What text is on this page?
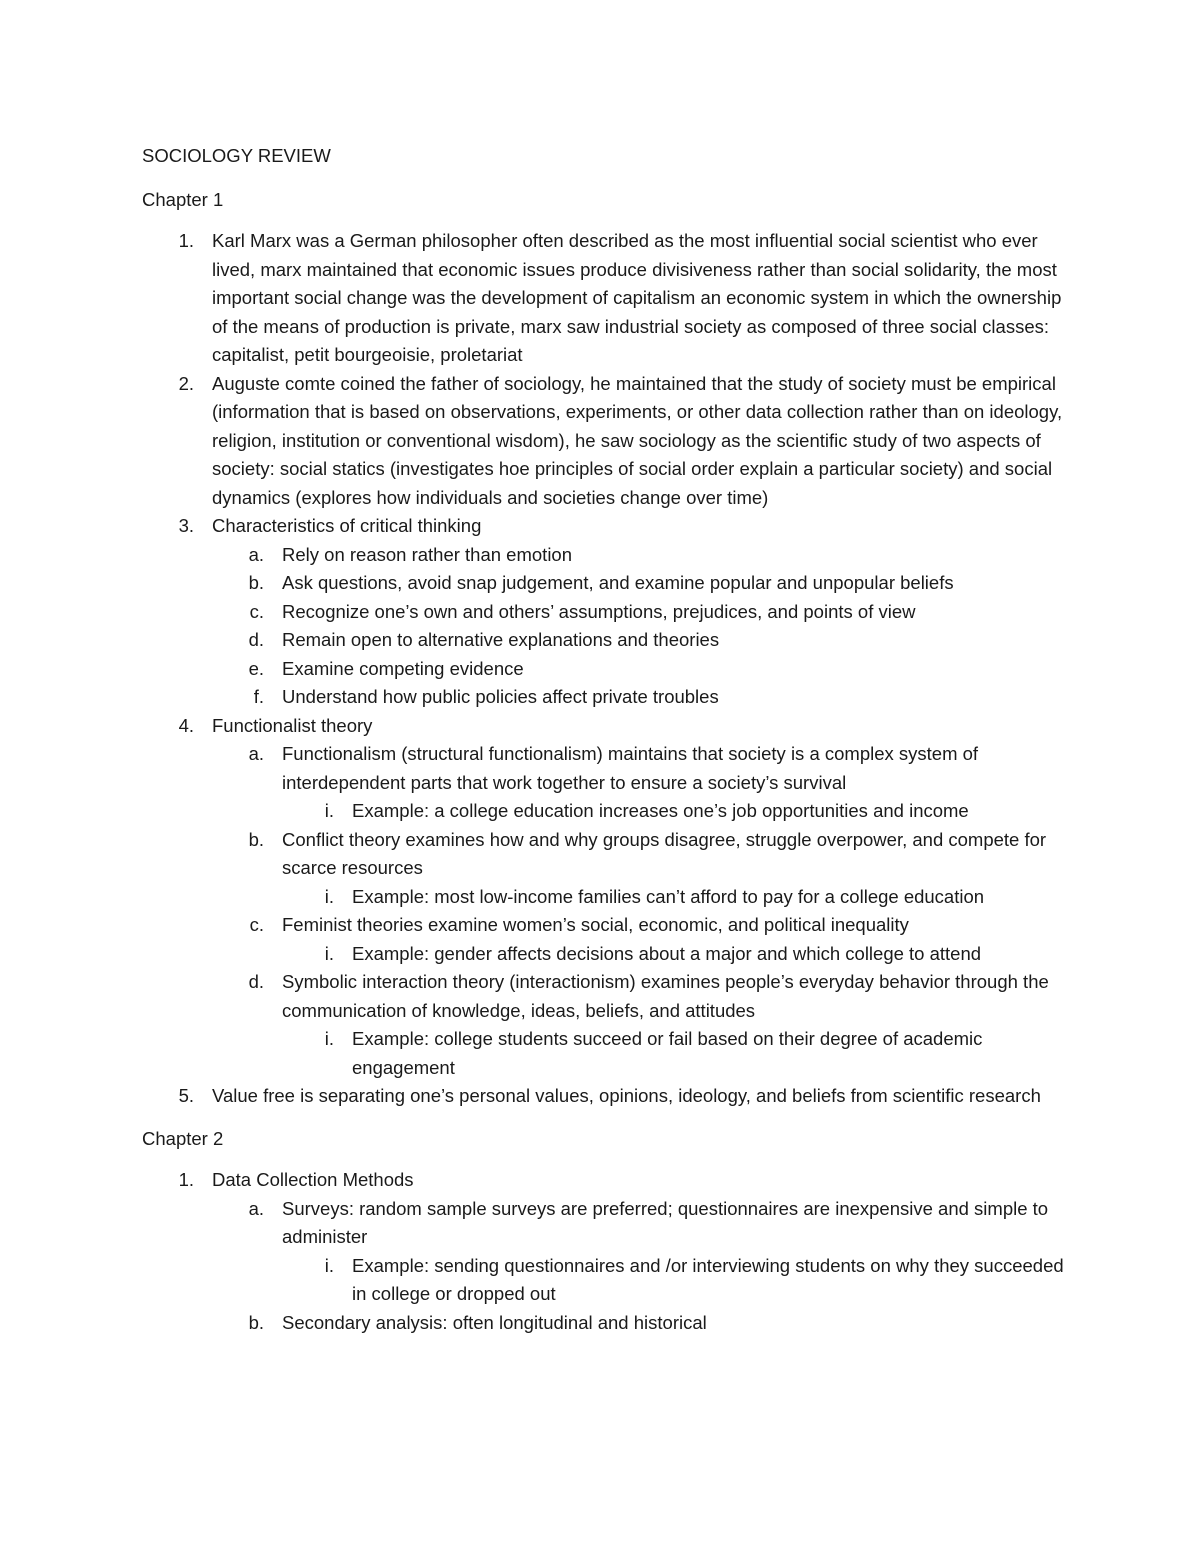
SOCIOLOGY REVIEW
Chapter 1
1. Karl Marx was a German philosopher often described as the most influential social scientist who ever lived, marx maintained that economic issues produce divisiveness rather than social solidarity, the most important social change was the development of capitalism an economic system in which the ownership of the means of production is private, marx saw industrial society as composed of three social classes: capitalist, petit bourgeoisie, proletariat
2. Auguste comte coined the father of sociology, he maintained that the study of society must be empirical (information that is based on observations, experiments, or other data collection rather than on ideology, religion, institution or conventional wisdom), he saw sociology as the scientific study of two aspects of society: social statics (investigates hoe principles of social order explain a particular society) and social dynamics (explores how individuals and societies change over time)
3. Characteristics of critical thinking
a. Rely on reason rather than emotion
b. Ask questions, avoid snap judgement, and examine popular and unpopular beliefs
c. Recognize one’s own and others’ assumptions, prejudices, and points of view
d. Remain open to alternative explanations and theories
e. Examine competing evidence
f. Understand how public policies affect private troubles
4. Functionalist theory
a. Functionalism (structural functionalism) maintains that society is a complex system of interdependent parts that work together to ensure a society’s survival
i. Example: a college education increases one’s job opportunities and income
b. Conflict theory examines how and why groups disagree, struggle overpower, and compete for scarce resources
i. Example: most low-income families can’t afford to pay for a college education
c. Feminist theories examine women’s social, economic, and political inequality
i. Example: gender affects decisions about a major and which college to attend
d. Symbolic interaction theory (interactionism) examines people’s everyday behavior through the communication of knowledge, ideas, beliefs, and attitudes
i. Example: college students succeed or fail based on their degree of academic engagement
5. Value free is separating one’s personal values, opinions, ideology, and beliefs from scientific research
Chapter 2
1. Data Collection Methods
a. Surveys: random sample surveys are preferred; questionnaires are inexpensive and simple to administer
i. Example: sending questionnaires and /or interviewing students on why they succeeded in college or dropped out
b. Secondary analysis: often longitudinal and historical
